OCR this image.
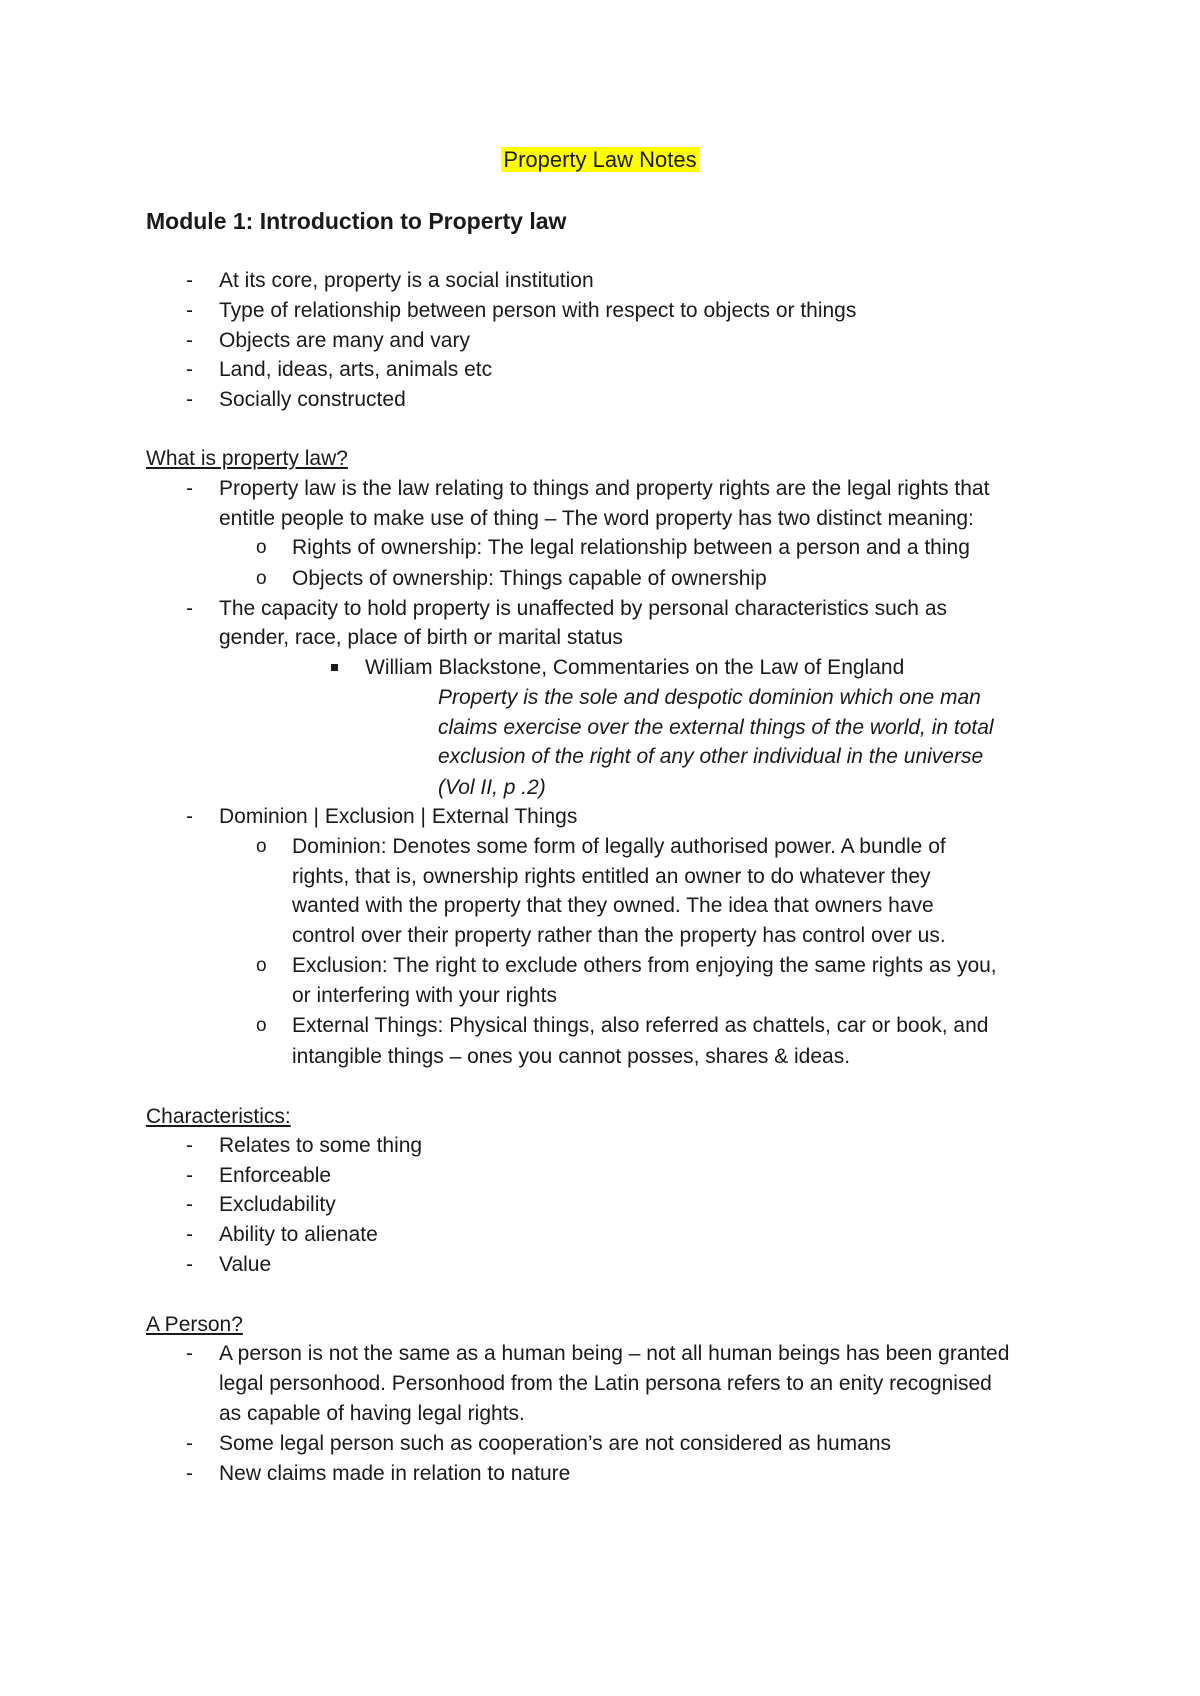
Property Law Notes
Module 1: Introduction to Property law
- At its core, property is a social institution
- Type of relationship between person with respect to objects or things
- Objects are many and vary
- Land, ideas, arts, animals etc
- Socially constructed
What is property law?
- Property law is the law relating to things and property rights are the legal rights that
entitle people to make use of thing – The word property has two distinct meaning:
o Rights of ownership: The legal relationship between a person and a thing
o Objects of ownership: Things capable of ownership
- The capacity to hold property is unaffected by personal characteristics such as
gender, race, place of birth or marital status
William Blackstone, Commentaries on the Law of England
Property is the sole and despotic dominion which one man
claims exercise over the external things of the world, in total
exclusion of the right of any other individual in the universe
(Vol II, p .2)
- Dominion | Exclusion | External Things
o Dominion: Denotes some form of legally authorised power. A bundle of
rights, that is, ownership rights entitled an owner to do whatever they
wanted with the property that they owned. The idea that owners have
control over their property rather than the property has control over us.
o Exclusion: The right to exclude others from enjoying the same rights as you,
or interfering with your rights
o External Things: Physical things, also referred as chattels, car or book, and
intangible things – ones you cannot posses, shares & ideas.
Characteristics:
- Relates to some thing
- Enforceable
- Excludability
- Ability to alienate
- Value
A Person?
- A person is not the same as a human being – not all human beings has been granted
legal personhood. Personhood from the Latin persona refers to an enity recognised
as capable of having legal rights.
- Some legal person such as cooperation’s are not considered as humans
- New claims made in relation to nature
